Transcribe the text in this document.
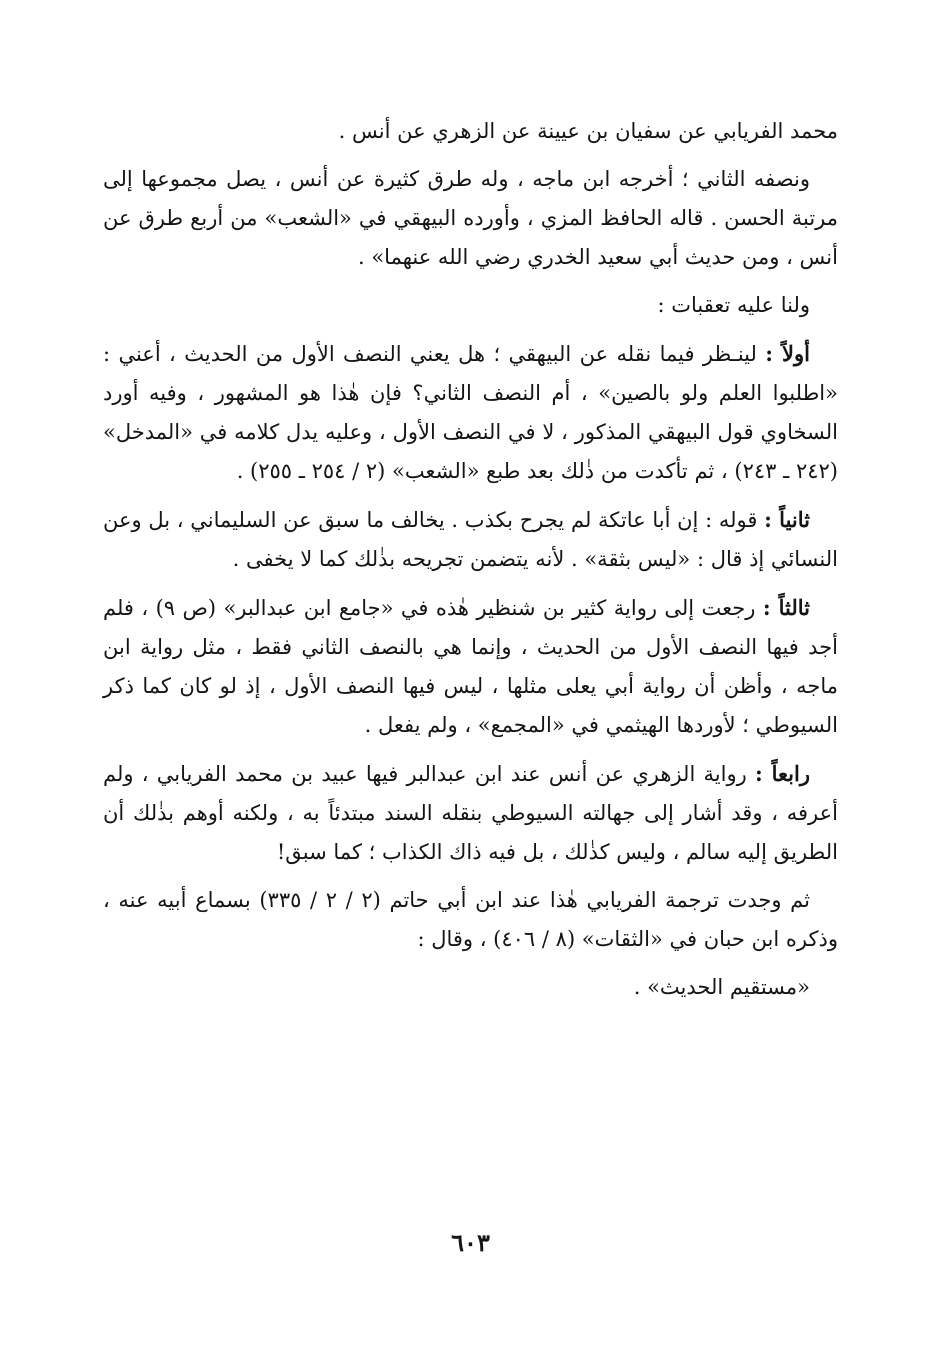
محمد الفريابي عن سفيان بن عيينة عن الزهري عن أنس .

ونصفه الثاني ؛ أخرجه ابن ماجه ، وله طرق كثيرة عن أنس ، يصل مجموعها إلى مرتبة الحسن . قاله الحافظ المزي ، وأورده البيهقي في «الشعب» من أربع طرق عن أنس ، ومن حديث أبي سعيد الخدري رضي الله عنهما» .

ولنا عليه تعقبات :

أولاً : لينـظر فيما نقله عن البيهقي ؛ هل يعني النصف الأول من الحديث ، أعني : «اطلبوا العلم ولو بالصين» ، أم النصف الثاني؟ فإن هٰذا هو المشهور ، وفيه أورد السخاوي قول البيهقي المذكور ، لا في النصف الأول ، وعليه يدل كلامه في «المدخل» (٢٤٢ ـ ٢٤٣) ، ثم تأكدت من ذٰلك بعد طبع «الشعب» (٢ / ٢٥٤ ـ ٢٥٥) .

ثانياً : قوله : إن أبا عاتكة لم يجرح بكذب . يخالف ما سبق عن السليماني ، بل وعن النسائي إذ قال : «ليس بثقة» . لأنه يتضمن تجريحه بذٰلك كما لا يخفى .

ثالثاً : رجعت إلى رواية كثير بن شنظير هٰذه في «جامع ابن عبدالبر» (ص ٩) ، فلم أجد فيها النصف الأول من الحديث ، وإنما هي بالنصف الثاني فقط ، مثل رواية ابن ماجه ، وأظن أن رواية أبي يعلى مثلها ، ليس فيها النصف الأول ، إذ لو كان كما ذكر السيوطي ؛ لأوردها الهيثمي في «المجمع» ، ولم يفعل .

رابعاً : رواية الزهري عن أنس عند ابن عبدالبر فيها عبيد بن محمد الفريابي ، ولم أعرفه ، وقد أشار إلى جهالته السيوطي بنقله السند مبتدئاً به ، ولكنه أوهم بذٰلك أن الطريق إليه سالم ، وليس كذٰلك ، بل فيه ذاك الكذاب ؛ كما سبق!

ثم وجدت ترجمة الفريابي هٰذا عند ابن أبي حاتم (٢ / ٢ / ٣٣٥) بسماع أبيه عنه ، وذكره ابن حبان في «الثقات» (٨ / ٤٠٦) ، وقال :

«مستقيم الحديث» .

٦٠٣
